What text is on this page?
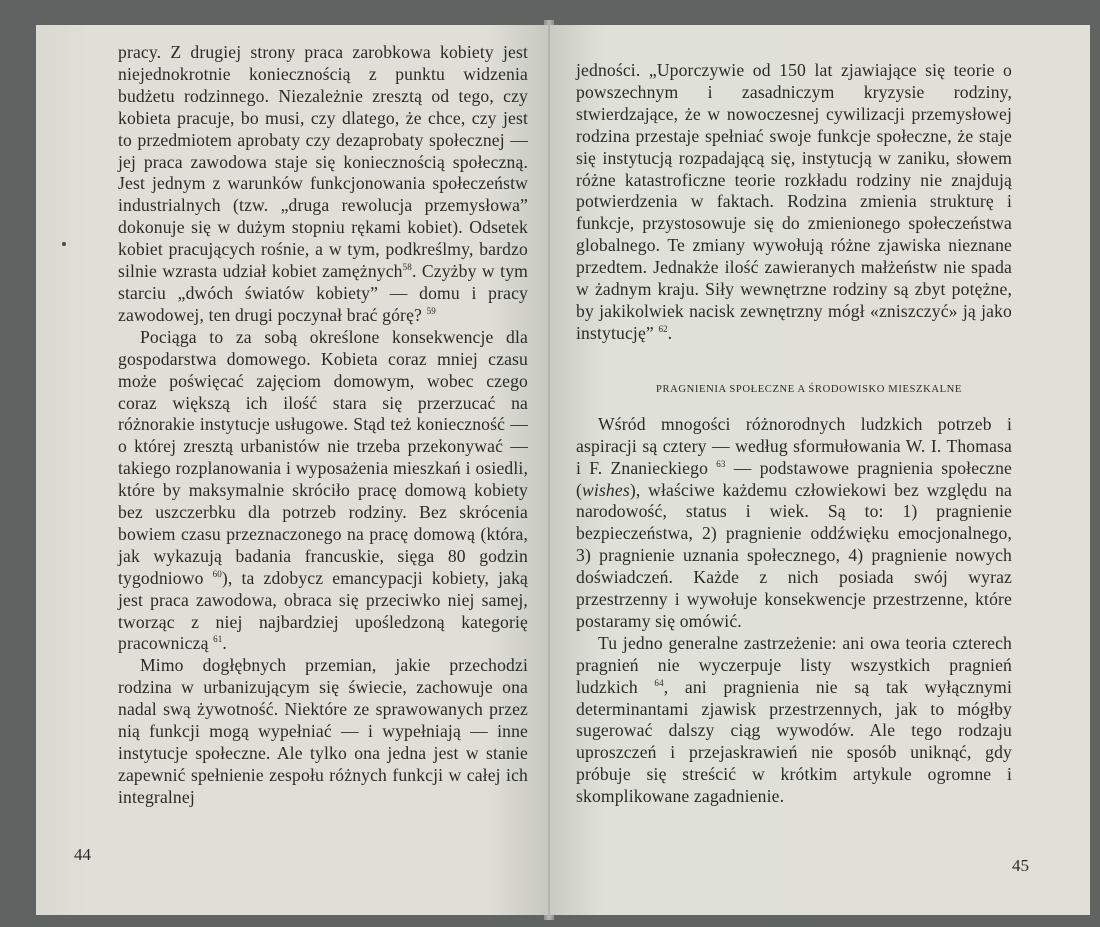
pracy. Z drugiej strony praca zarobkowa kobiety jest niejednokrotnie koniecznością z punktu widzenia budżetu rodzinnego. Niezależnie zresztą od tego, czy kobieta pracuje, bo musi, czy dlatego, że chce, czy jest to przedmiotem aprobaty czy dezaprobaty społecznej — jej praca zawodowa staje się koniecznością społeczną. Jest jednym z warunków funkcjonowania społeczeństw industrialnych (tzw. „druga rewolucja przemysłowa” dokonuje się w dużym stopniu rękami kobiet). Odsetek kobiet pracujących rośnie, a w tym, podkreślmy, bardzo silnie wzrasta udział kobiet zamężnych$^{58}$. Czyżby w tym starciu „dwóch światów kobiety” — domu i pracy zawodowej, ten drugi poczynał brać górę? $^{59}$

Pociąga to za sobą określone konsekwencje dla gospodarstwa domowego. Kobieta coraz mniej czasu może poświęcać zajęciom domowym, wobec czego coraz większą ich ilość stara się przerzucać na różnorakie instytucje usługowe. Stąd też konieczność — o której zresztą urbanistów nie trzeba przekonywać — takiego rozplanowania i wyposażenia mieszkań i osiedli, które by maksymalnie skróciło pracę domową kobiety bez uszczerbku dla potrzeb rodziny. Bez skrócenia bowiem czasu przeznaczonego na pracę domową (która, jak wykazują badania francuskie, sięga 80 godzin tygodniowo $^{60}$), ta zdobycz emancypacji kobiety, jaką jest praca zawodowa, obraca się przeciwko niej samej, tworząc z niej najbardziej upośledzoną kategorię pracowniczą $^{61}$.

Mimo dogłębnych przemian, jakie przechodzi rodzina w urbanizującym się świecie, zachowuje ona nadal swą żywotność. Niektóre ze sprawowanych przez nią funkcji mogą wypełniać — i wypełniają — inne instytucje społeczne. Ale tylko ona jedna jest w stanie zapewnić spełnienie zespołu różnych funkcji w całej ich integralnej

44

jedności. „Uporczywie od 150 lat zjawiające się teorie o powszechnym i zasadniczym kryzysie rodziny, stwierdzające, że w nowoczesnej cywilizacji przemysłowej rodzina przestaje spełniać swoje funkcje społeczne, że staje się instytucją rozpadającą się, instytucją w zaniku, słowem różne katastroficzne teorie rozkładu rodziny nie znajdują potwierdzenia w faktach. Rodzina zmienia strukturę i funkcje, przystosowuje się do zmienionego społeczeństwa globalnego. Te zmiany wywołują różne zjawiska nieznane przedtem. Jednakże ilość zawieranych małżeństw nie spada w żadnym kraju. Siły wewnętrzne rodziny są zbyt potężne, by jakikolwiek nacisk zewnętrzny mógł «zniszczyć» ją jako instytucję” $^{62}$.

PRAGNIENIA SPOŁECZNE A ŚRODOWISKO MIESZKALNE

Wśród mnogości różnorodnych ludzkich potrzeb i aspiracji są cztery — według sformułowania W. I. Thomasa i F. Znanieckiego $^{63}$ — podstawowe pragnienia społeczne (wishes), właściwe każdemu człowiekowi bez względu na narodowość, status i wiek. Są to: 1) pragnienie bezpieczeństwa, 2) pragnienie oddźwięku emocjonalnego, 3) pragnienie uznania społecznego, 4) pragnienie nowych doświadczeń. Każde z nich posiada swój wyraz przestrzenny i wywołuje konsekwencje przestrzenne, które postaramy się omówić.

Tu jedno generalne zastrzeżenie: ani owa teoria czterech pragnień nie wyczerpuje listy wszystkich pragnień ludzkich $^{64}$, ani pragnienia nie są tak wyłącznymi determinantami zjawisk przestrzennych, jak to mógłby sugerować dalszy ciąg wywodów. Ale tego rodzaju uproszczeń i przejaskrawień nie sposób uniknąć, gdy próbuje się streścić w krótkim artykule ogromne i skomplikowane zagadnienie.

45
